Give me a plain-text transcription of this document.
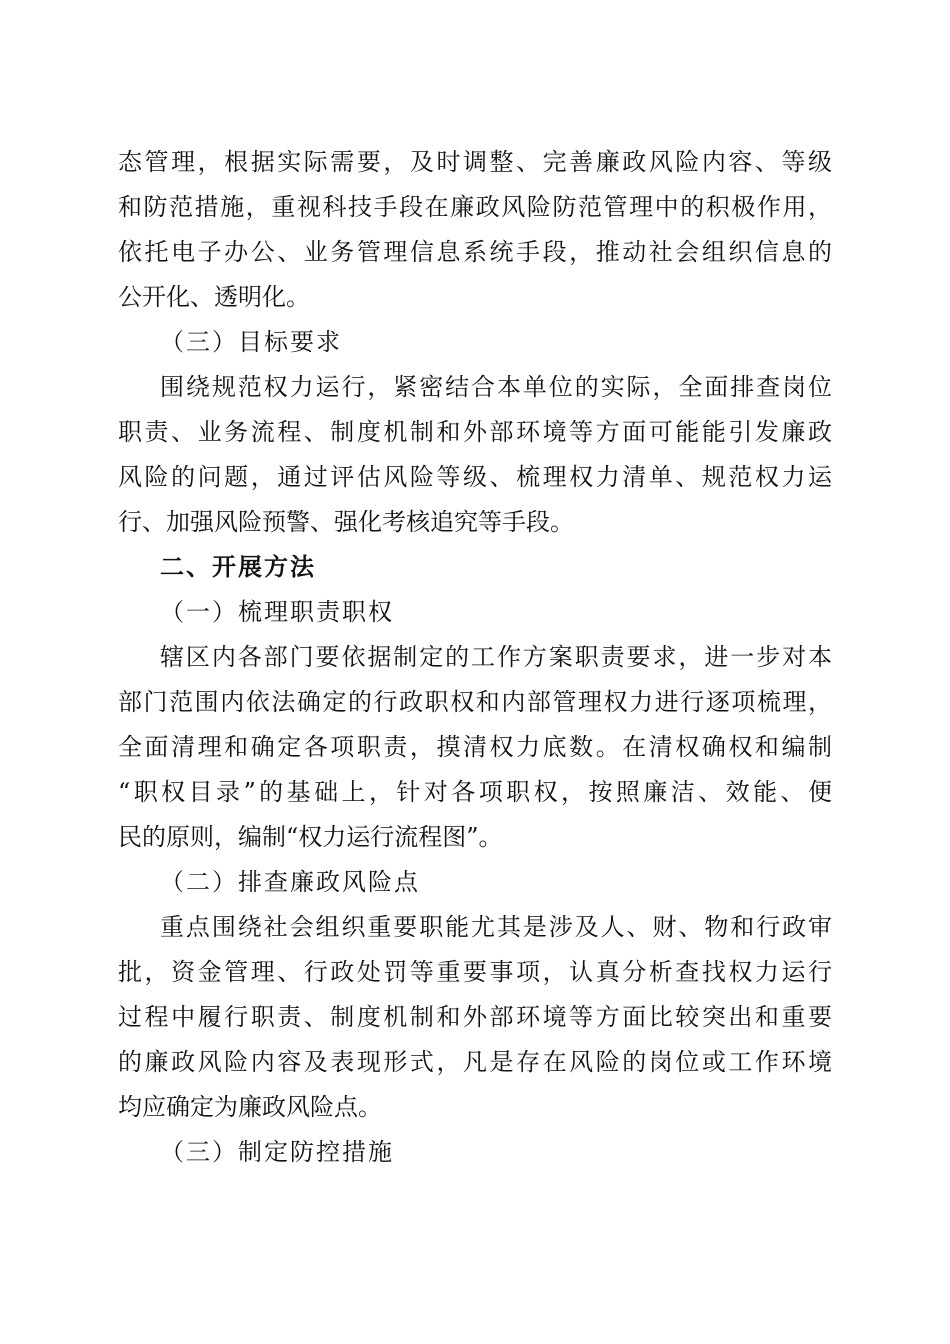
态管理，根据实际需要，及时调整、完善廉政风险内容、等级
和防范措施，重视科技手段在廉政风险防范管理中的积极作用，
依托电子办公、业务管理信息系统手段，推动社会组织信息的
公开化、透明化。
（三）目标要求
围绕规范权力运行，紧密结合本单位的实际，全面排查岗位
职责、业务流程、制度机制和外部环境等方面可能能引发廉政
风险的问题，通过评估风险等级、梳理权力清单、规范权力运
行、加强风险预警、强化考核追究等手段。
二、开展方法
（一）梳理职责职权
辖区内各部门要依据制定的工作方案职责要求，进一步对本
部门范围内依法确定的行政职权和内部管理权力进行逐项梳理，
全面清理和确定各项职责，摸清权力底数。在清权确权和编制
“职权目录”的基础上，针对各项职权，按照廉洁、效能、便
民的原则，编制“权力运行流程图”。
（二）排查廉政风险点
重点围绕社会组织重要职能尤其是涉及人、财、物和行政审
批，资金管理、行政处罚等重要事项，认真分析查找权力运行
过程中履行职责、制度机制和外部环境等方面比较突出和重要
的廉政风险内容及表现形式，凡是存在风险的岗位或工作环境
均应确定为廉政风险点。
（三）制定防控措施
